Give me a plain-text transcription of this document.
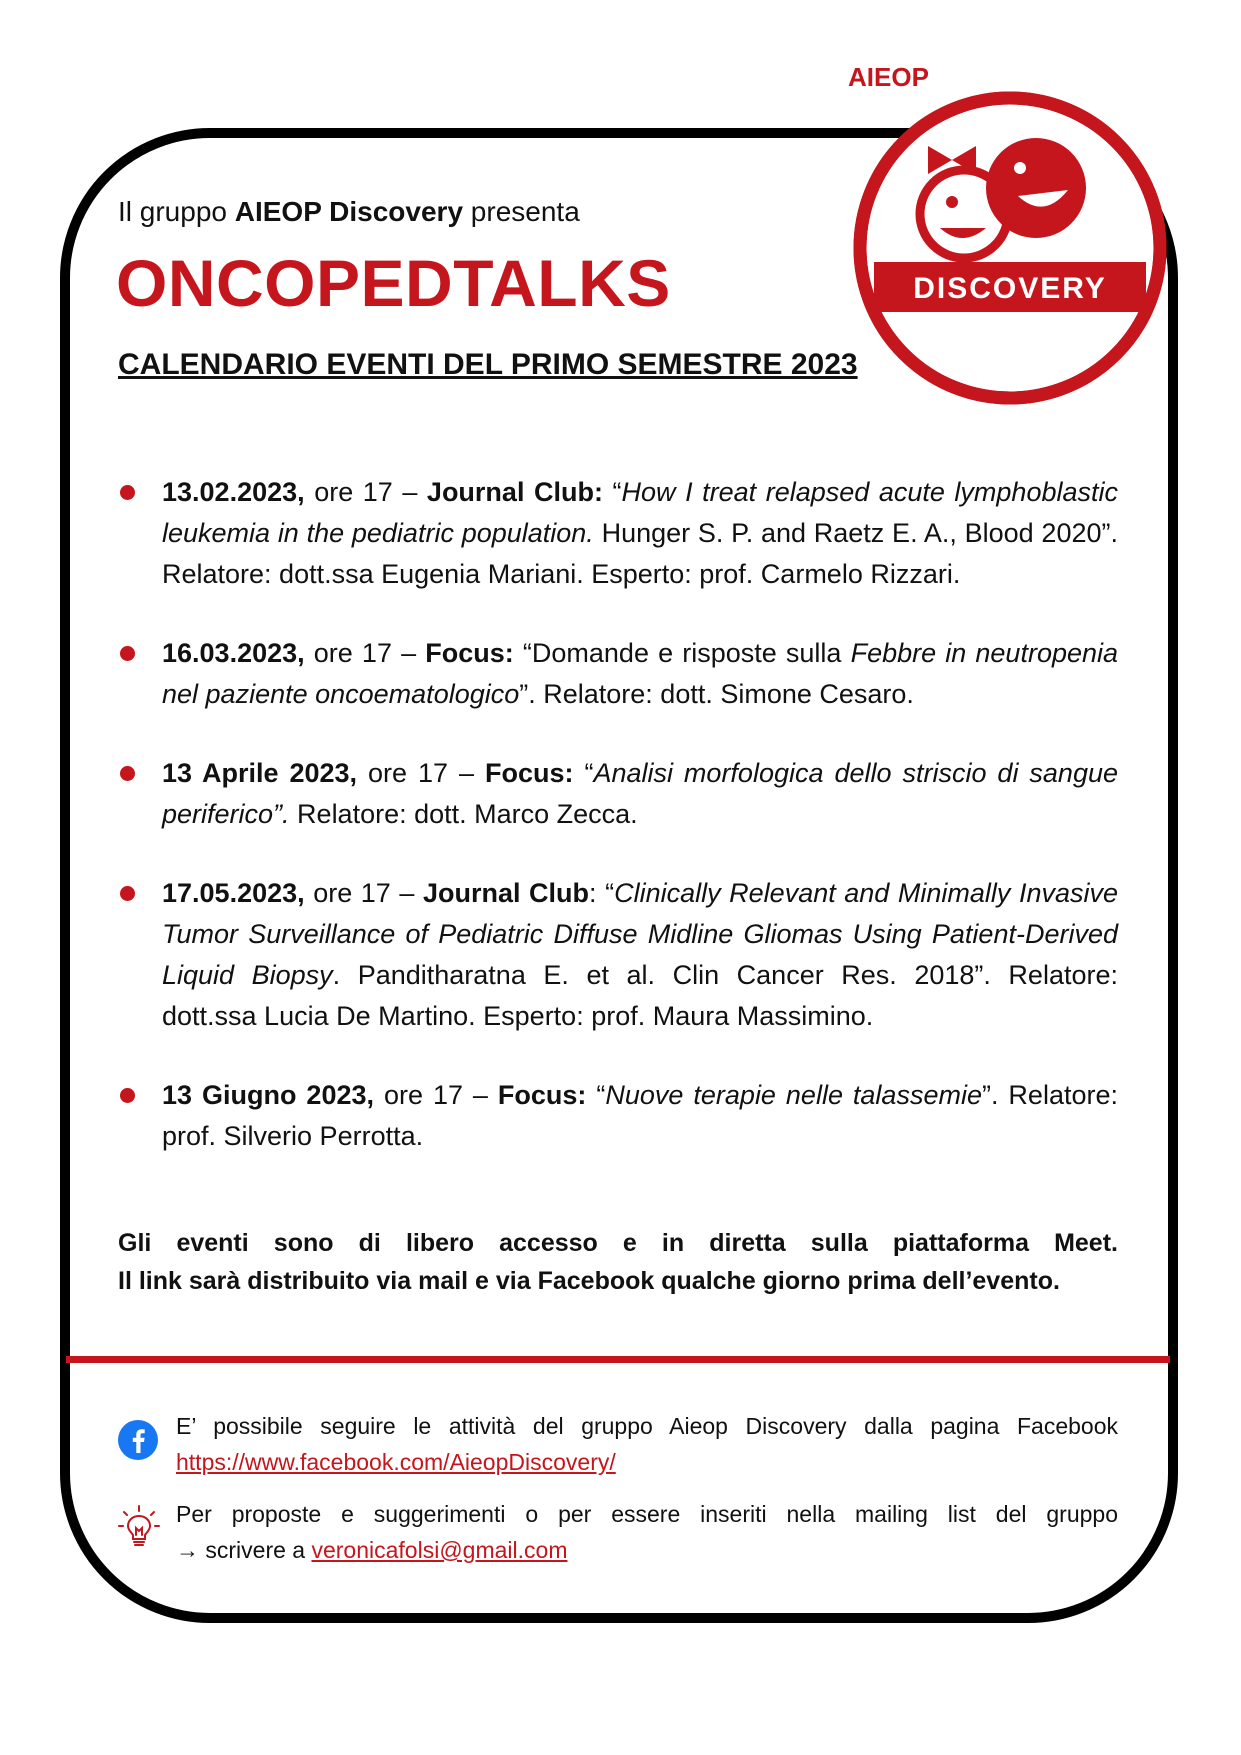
AIEOP
DISCOVERY
Il gruppo AIEOP Discovery presenta
ONCOPEDTALKS
CALENDARIO EVENTI DEL PRIMO SEMESTRE 2023
13.02.2023, ore 17 – Journal Club: “How I treat relapsed acute lymphoblastic leukemia in the pediatric population. Hunger S. P. and Raetz E. A., Blood 2020”. Relatore: dott.ssa Eugenia Mariani. Esperto: prof. Carmelo Rizzari.
16.03.2023, ore 17 – Focus: “Domande e risposte sulla Febbre in neutropenia nel paziente oncoematologico”. Relatore: dott. Simone Cesaro.
13 Aprile 2023, ore 17 – Focus: “Analisi morfologica dello striscio di sangue periferico”. Relatore: dott. Marco Zecca.
17.05.2023, ore 17 – Journal Club: “Clinically Relevant and Minimally Invasive Tumor Surveillance of Pediatric Diffuse Midline Gliomas Using Patient-Derived Liquid Biopsy. Panditharatna E. et al. Clin Cancer Res. 2018”. Relatore: dott.ssa Lucia De Martino. Esperto: prof. Maura Massimino.
13 Giugno 2023, ore 17 – Focus: “Nuove terapie nelle talassemie”. Relatore: prof. Silverio Perrotta.
Gli eventi sono di libero accesso e in diretta sulla piattaforma Meet.
Il link sarà distribuito via mail e via Facebook qualche giorno prima dell’evento.
E’ possibile seguire le attività del gruppo Aieop Discovery dalla pagina Facebook
https://www.facebook.com/AieopDiscovery/
Per proposte e suggerimenti o per essere inseriti nella mailing list del gruppo
→ scrivere a veronicafolsi@gmail.com
